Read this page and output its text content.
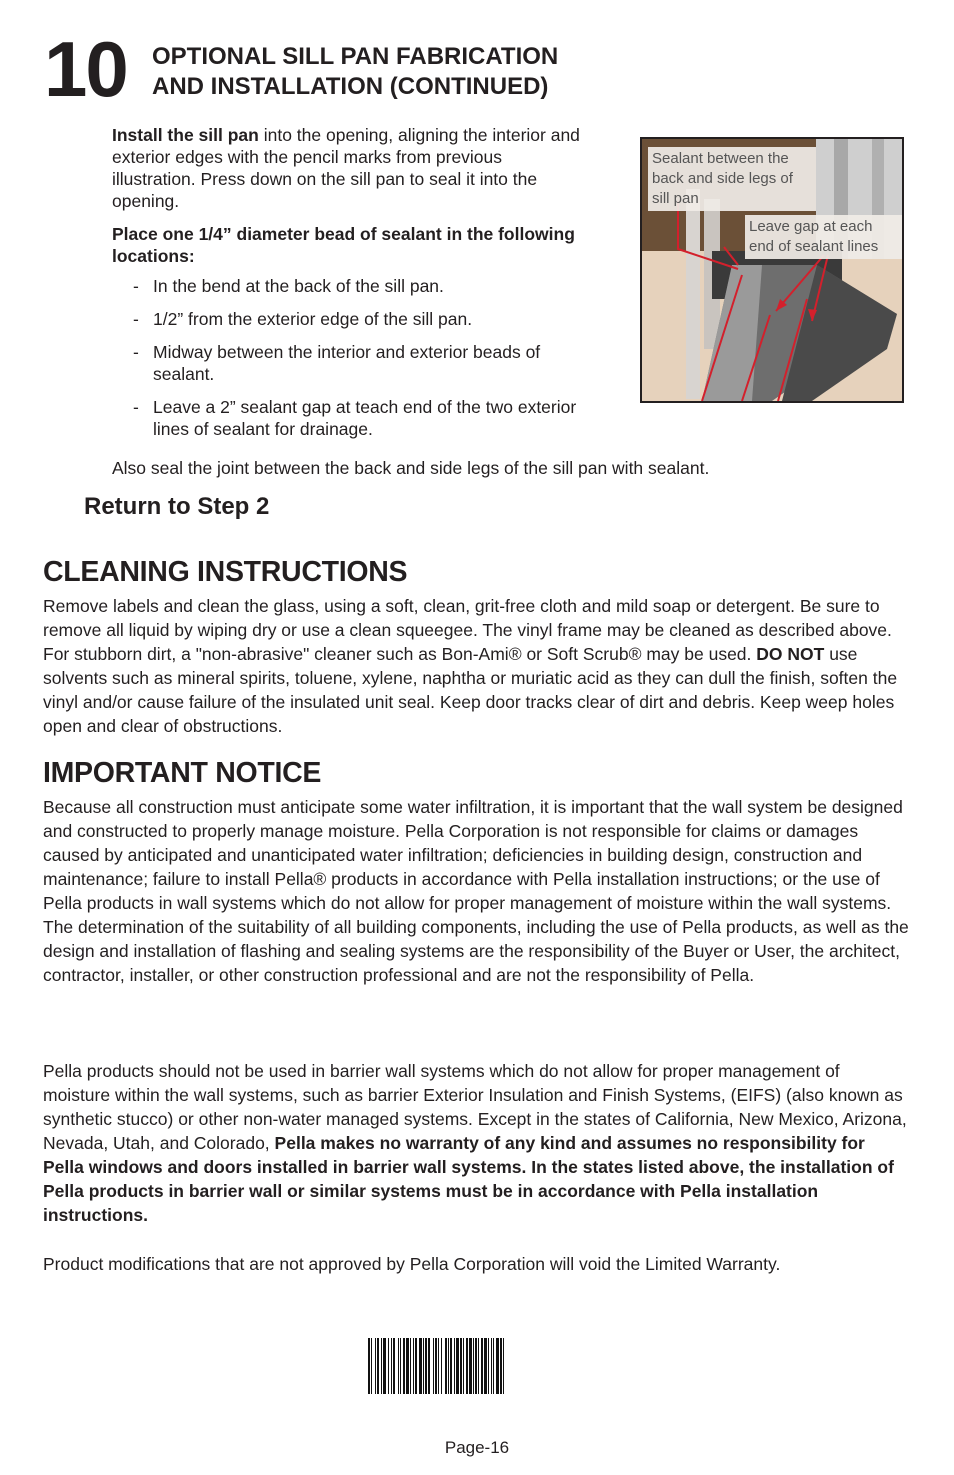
10 OPTIONAL SILL PAN FABRICATION
AND INSTALLATION (CONTINUED)
Install the sill pan into the opening, aligning the interior and exterior edges with the pencil marks from previous illustration. Press down on the sill pan to seal it into the opening.
Place one 1/4” diameter bead of sealant in the following locations:
- In the bend at the back of the sill pan.
- 1/2” from the exterior edge of the sill pan.
- Midway between the interior and exterior beads of sealant.
- Leave a 2” sealant gap at teach end of the two exterior lines of sealant for drainage.
Also seal the joint between the back and side legs of the sill pan with sealant.
Sealant between the back and side legs of sill pan
Leave gap at each end of sealant lines
Return to Step 2
CLEANING INSTRUCTIONS
Remove labels and clean the glass, using a soft, clean, grit-free cloth and mild soap or detergent. Be sure to remove all liquid by wiping dry or use a clean squeegee. The vinyl frame may be cleaned as described above. For stubborn dirt, a "non-abrasive" cleaner such as Bon-Ami® or Soft Scrub® may be used. DO NOT use solvents such as mineral spirits, toluene, xylene, naphtha or muriatic acid as they can dull the finish, soften the vinyl and/or cause failure of the insulated unit seal. Keep door tracks clear of dirt and debris. Keep weep holes open and clear of obstructions.
IMPORTANT NOTICE
Because all construction must anticipate some water infiltration, it is important that the wall system be designed and constructed to properly manage moisture. Pella Corporation is not responsible for claims or damages caused by anticipated and unanticipated water infiltration; deficiencies in building design, construction and maintenance; failure to install Pella® products in accordance with Pella installation instructions; or the use of Pella products in wall systems which do not allow for proper management of moisture within the wall systems. The determination of the suitability of all building components, including the use of Pella products, as well as the design and installation of flashing and sealing systems are the responsibility of the Buyer or User, the architect, contractor, installer, or other construction professional and are not the responsibility of Pella.
Pella products should not be used in barrier wall systems which do not allow for proper management of moisture within the wall systems, such as barrier Exterior Insulation and Finish Systems, (EIFS) (also known as synthetic stucco) or other non-water managed systems. Except in the states of California, New Mexico, Arizona, Nevada, Utah, and Colorado, Pella makes no warranty of any kind and assumes no responsibility for Pella windows and doors installed in barrier wall systems. In the states listed above, the installation of Pella products in barrier wall or similar systems must be in accordance with Pella installation instructions.
Product modifications that are not approved by Pella Corporation will void the Limited Warranty.
Page-16
